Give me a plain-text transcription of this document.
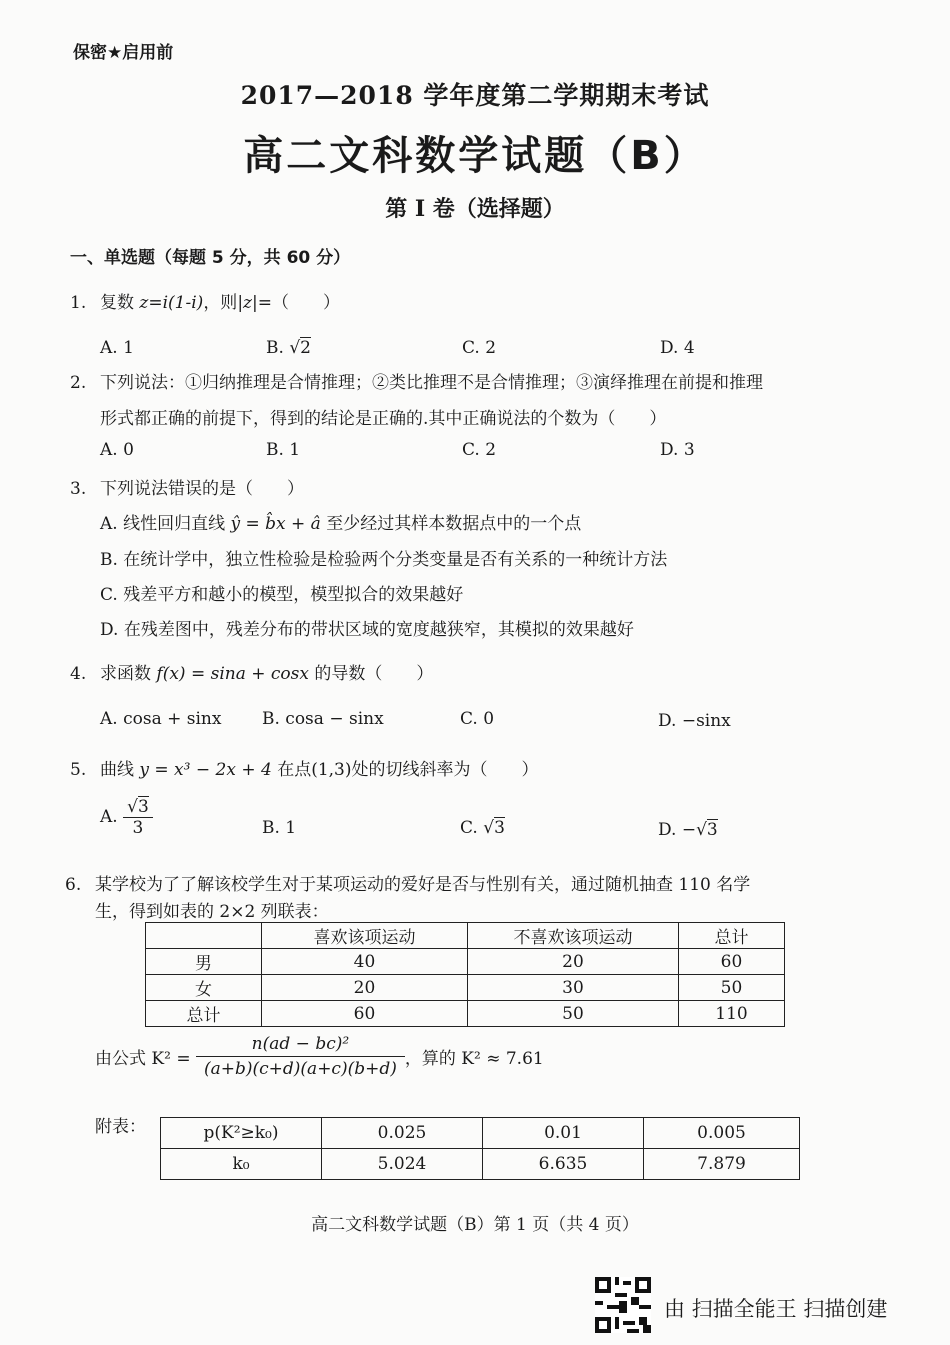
保密★启用前
2017—2018 学年度第二学期期末考试
高二文科数学试题（B）
第 I 卷（选择题）
一、单选题（每题 5 分，共 60 分）
1. 复数 z=i(1-i)，则|z|=（　　）
A. 1	B. √2	C. 2	D. 4
2. 下列说法：①归纳推理是合情推理；②类比推理不是合情推理；③演绎推理在前提和推理
形式都正确的前提下，得到的结论是正确的.其中正确说法的个数为（　　）
A. 0	B. 1	C. 2	D. 3
3. 下列说法错误的是（　　）
A. 线性回归直线 ŷ = b̂x + â 至少经过其样本数据点中的一个点
B. 在统计学中，独立性检验是检验两个分类变量是否有关系的一种统计方法
C. 残差平方和越小的模型，模型拟合的效果越好
D. 在残差图中，残差分布的带状区域的宽度越狭窄，其模拟的效果越好
4. 求函数 f(x) = sina + cosx 的导数（　　）
A. cosa + sinx B. cosa − sinx	C. 0	D. −sinx
5. 曲线 y = x³ − 2x + 4 在点(1,3)处的切线斜率为（　　）
A. $\frac{√3}{3}$	B. 1	C. √3	D. −√3
6. 某学校为了了解该校学生对于某项运动的爱好是否与性别有关，通过随机抽查 110 名学
生，得到如表的 2×2 列联表：
	喜欢该项运动	不喜欢该项运动	总计
男	40	20	60
女	20	30	50
总计	60	50	110
由公式 $K^2 = \frac{\text{n(ad − bc)²}}{(a+b)(c+d)(a+c)(b+d)}$ ，算的 K² ≈ 7.61
附表：	p(K²≥k₀)	0.025	0.01	0.005
k₀	5.024	6.635	7.879
高二文科数学试题（B）第 1 页（共 4 页）
由 扫描全能王 扫描创建
